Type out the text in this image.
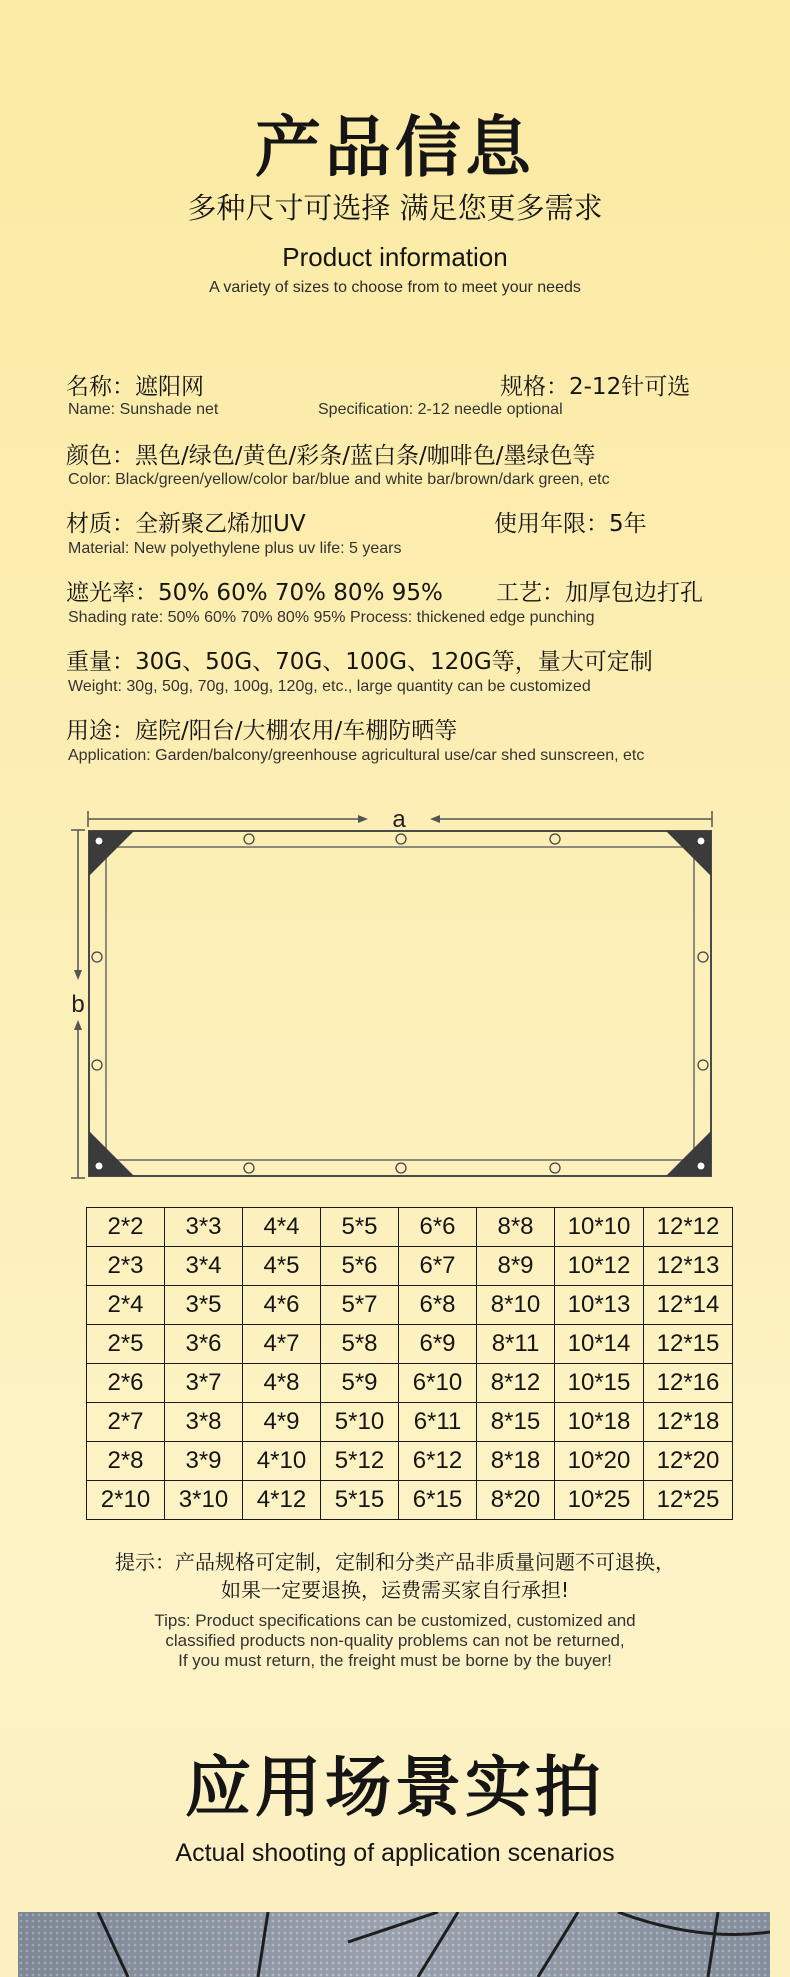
产品信息
多种尺寸可选择 满足您更多需求
Product information
A variety of sizes to choose from to meet your needs
名称：遮阳网	规格：2-12针可选
Name: Sunshade net	Specification: 2-12 needle optional
颜色：黑色/绿色/黄色/彩条/蓝白条/咖啡色/墨绿色等
Color: Black/green/yellow/color bar/blue and white bar/brown/dark green, etc
材质：全新聚乙烯加UV	使用年限：5年
Material: New polyethylene plus uv life: 5 years
遮光率：50% 60% 70% 80% 95% 工艺：加厚包边打孔
Shading rate: 50% 60% 70% 80% 95% Process: thickened edge punching
重量：30G、50G、70G、100G、120G等，量大可定制
Weight: 30g, 50g, 70g, 100g, 120g, etc., large quantity can be customized
用途：庭院/阳台/大棚农用/车棚防晒等
Application: Garden/balcony/greenhouse agricultural use/car shed sunscreen, etc
a
b
2*2	3*3	4*4	5*5	6*6	8*8	10*10	12*12
2*3	3*4	4*5	5*6	6*7	8*9	10*12	12*13
2*4	3*5	4*6	5*7	6*8	8*10	10*13	12*14
2*5	3*6	4*7	5*8	6*9	8*11	10*14	12*15
2*6	3*7	4*8	5*9	6*10	8*12	10*15	12*16
2*7	3*8	4*9	5*10	6*11	8*15	10*18	12*18
2*8	3*9	4*10	5*12	6*12	8*18	10*20	12*20
2*10	3*10	4*12	5*15	6*15	8*20	10*25	12*25
提示：产品规格可定制，定制和分类产品非质量问题不可退换，
如果一定要退换，运费需买家自行承担!
Tips: Product specifications can be customized, customized and
classified products non-quality problems can not be returned,
If you must return, the freight must be borne by the buyer!
应用场景实拍
Actual shooting of application scenarios
